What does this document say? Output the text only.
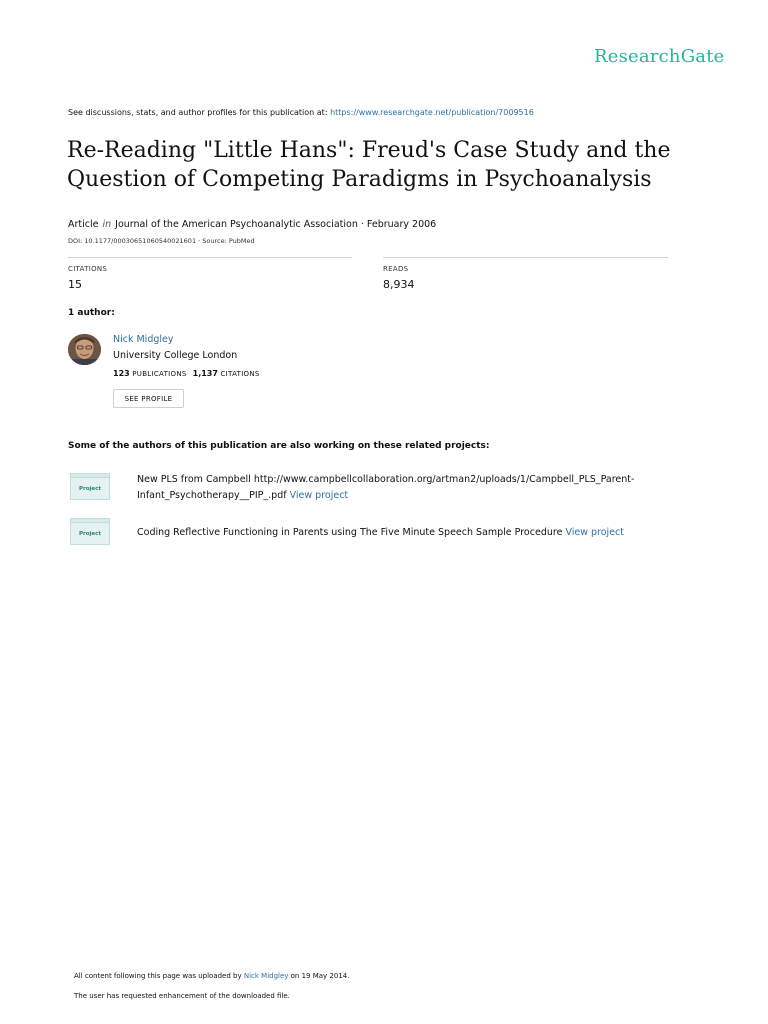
ResearchGate
See discussions, stats, and author profiles for this publication at: https://www.researchgate.net/publication/7009516
Re-Reading "Little Hans": Freud's Case Study and the
Question of Competing Paradigms in Psychoanalysis
Article in Journal of the American Psychoanalytic Association · February 2006
DOI: 10.1177/00030651060540021601 · Source: PubMed
CITATIONS
15
READS
8,934
1 author:
Nick Midgley
University College London
123 PUBLICATIONS 1,137 CITATIONS
SEE PROFILE
Some of the authors of this publication are also working on these related projects:
Project
New PLS from Campbell http://www.campbellcollaboration.org/artman2/uploads/1/Campbell_PLS_Parent-
Infant_Psychotherapy__PIP_.pdf View project
Project	Coding Reflective Functioning in Parents using The Five Minute Speech Sample Procedure View project
All content following this page was uploaded by Nick Midgley on 19 May 2014.
The user has requested enhancement of the downloaded file.
